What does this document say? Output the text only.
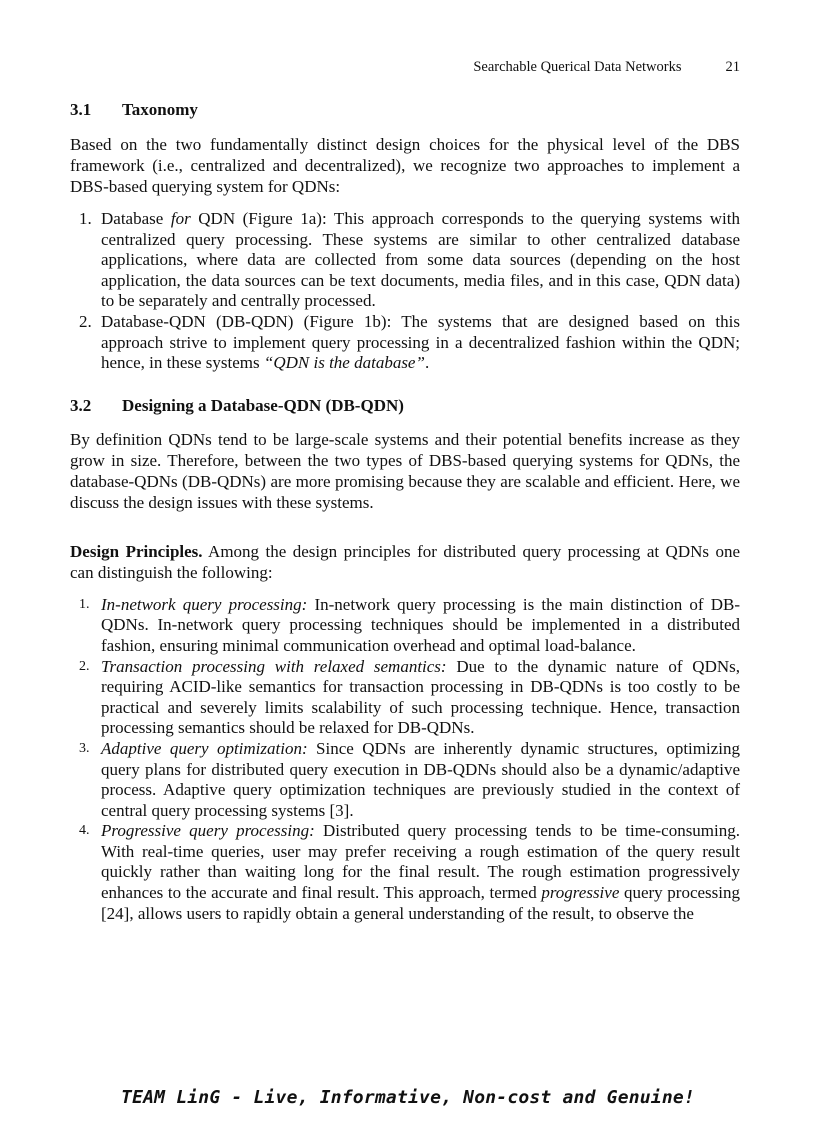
Searchable Querical Data Networks	21
3.1 Taxonomy

Based on the two fundamentally distinct design choices for the physical level of the DBS framework (i.e., centralized and decentralized), we recognize two approaches to implement a DBS-based querying system for QDNs:

1. Database for QDN (Figure 1a): This approach corresponds to the querying systems with centralized query processing. These systems are similar to other centralized database applications, where data are collected from some data sources (depending on the host application, the data sources can be text documents, media files, and in this case, QDN data) to be separately and centrally processed.
2. Database-QDN (DB-QDN) (Figure 1b): The systems that are designed based on this approach strive to implement query processing in a decentralized fashion within the QDN; hence, in these systems “QDN is the database”.
3.2 Designing a Database-QDN (DB-QDN)

By definition QDNs tend to be large-scale systems and their potential benefits increase as they grow in size. Therefore, between the two types of DBS-based querying systems for QDNs, the database-QDNs (DB-QDNs) are more promising because they are scalable and efficient. Here, we discuss the design issues with these systems.

Design Principles. Among the design principles for distributed query processing at QDNs one can distinguish the following:

1. In-network query processing: In-network query processing is the main distinction of DB-QDNs. In-network query processing techniques should be implemented in a distributed fashion, ensuring minimal communication overhead and optimal load-balance.
2. Transaction processing with relaxed semantics: Due to the dynamic nature of QDNs, requiring ACID-like semantics for transaction processing in DB-QDNs is too costly to be practical and severely limits scalability of such processing technique. Hence, transaction processing semantics should be relaxed for DB-QDNs.
3. Adaptive query optimization: Since QDNs are inherently dynamic structures, optimizing query plans for distributed query execution in DB-QDNs should also be a dynamic/adaptive process. Adaptive query optimization techniques are previously studied in the context of central query processing systems [3].
4. Progressive query processing: Distributed query processing tends to be time-consuming. With real-time queries, user may prefer receiving a rough estimation of the query result quickly rather than waiting long for the final result. The rough estimation progressively enhances to the accurate and final result. This approach, termed progressive query processing [24], allows users to rapidly obtain a general understanding of the result, to observe the
TEAM LinG - Live, Informative, Non-cost and Genuine!
